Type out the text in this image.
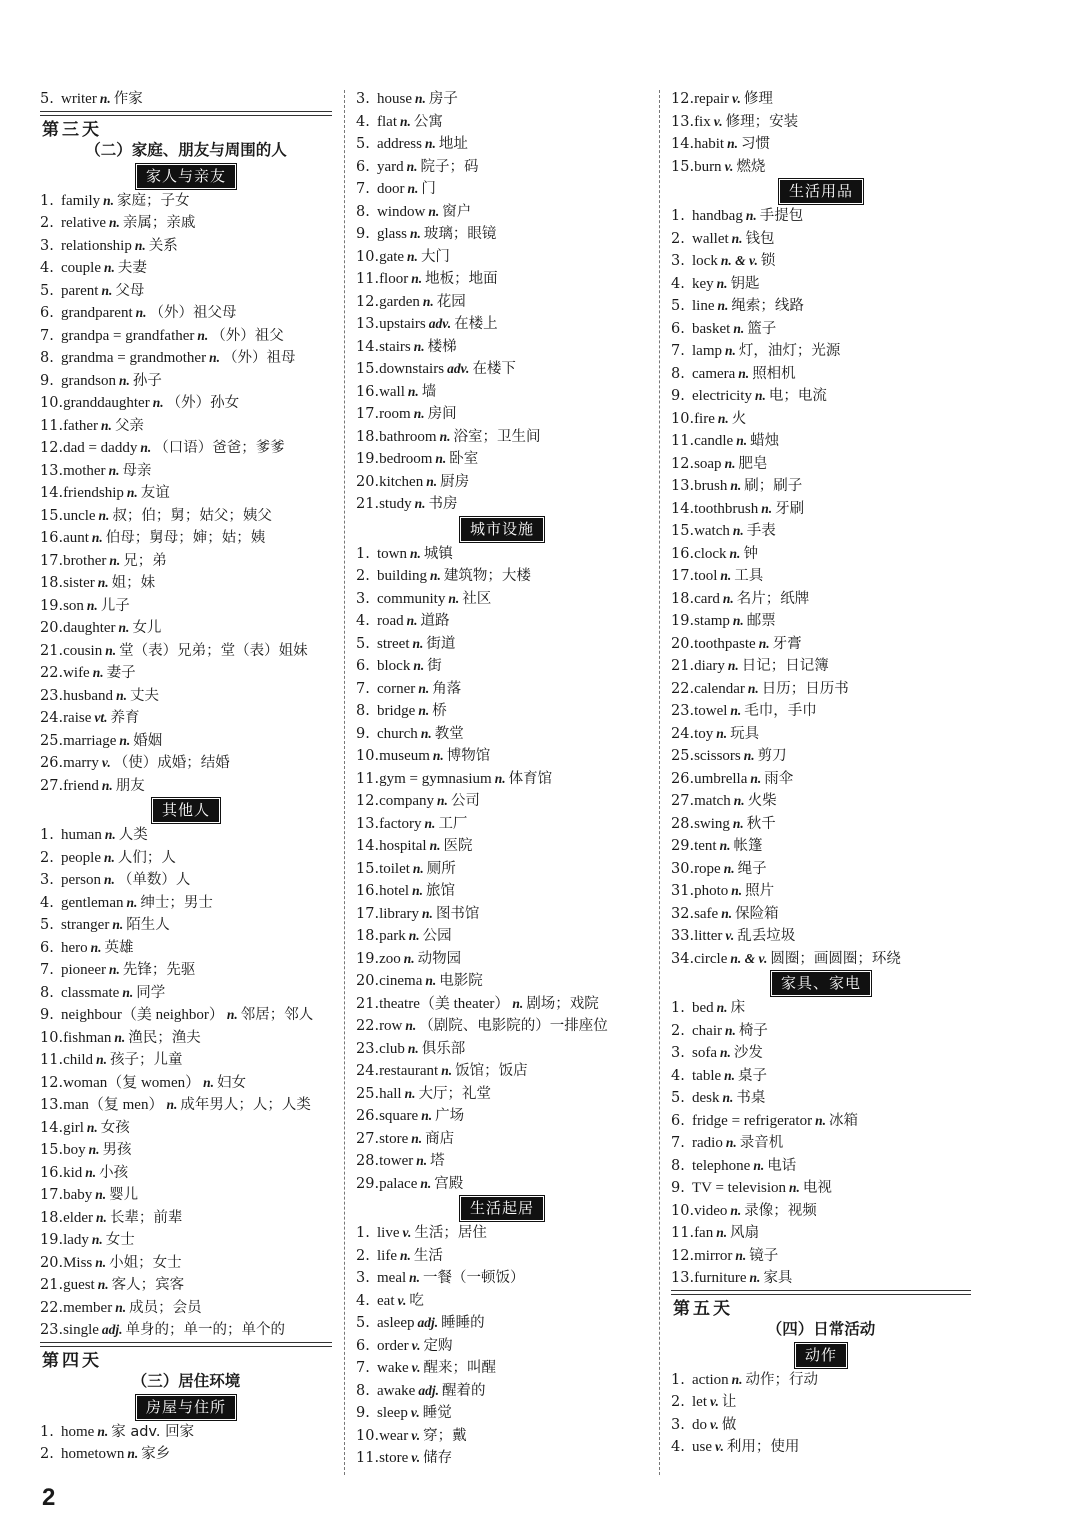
5. writer n. 作家
第三天
（二）家庭、朋友与周围的人
家人与亲友
1. family n. 家庭；子女
2. relative n. 亲属；亲戚
3. relationship n. 关系
4. couple n. 夫妻
5. parent n. 父母
6. grandparent n. （外）祖父母
7. grandpa = grandfather n. （外）祖父
8. grandma = grandmother n. （外）祖母
9. grandson n. 孙子
10.granddaughter n. （外）孙女
11.father n. 父亲
12.dad = daddy n. （口语）爸爸；爹爹
13.mother n. 母亲
14.friendship n. 友谊
15.uncle n. 叔；伯；舅；姑父；姨父
16.aunt n. 伯母；舅母；婶；姑；姨
17.brother n. 兄；弟
18.sister n. 姐；妹
19.son n. 儿子
20.daughter n. 女儿
21.cousin n. 堂（表）兄弟；堂（表）姐妹
22.wife n. 妻子
23.husband n. 丈夫
24.raise vt. 养育
25.marriage n. 婚姻
26.marry v. （使）成婚；结婚
27.friend n. 朋友
其他人
1. human n. 人类
2. people n. 人们；人
3. person n. （单数）人
4. gentleman n. 绅士；男士
5. stranger n. 陌生人
6. hero n. 英雄
7. pioneer n. 先锋；先驱
8. classmate n. 同学
9. neighbour（美 neighbor） n. 邻居；邻人
10.fishman n. 渔民；渔夫
11.child n. 孩子；儿童
12.woman（复 women） n. 妇女
13.man（复 men） n. 成年男人；人；人类
14.girl n. 女孩
15.boy n. 男孩
16.kid n. 小孩
17.baby n. 婴儿
18.elder n. 长辈；前辈
19.lady n. 女士
20.Miss n. 小姐；女士
21.guest n. 客人；宾客
22.member n. 成员；会员
23.single adj. 单身的；单一的；单个的
第四天
（三）居住环境
房屋与住所
1. home n. 家 adv. 回家
2. hometown n. 家乡
3. house n. 房子
4. flat n. 公寓
5. address n. 地址
6. yard n. 院子；码
7. door n. 门
8. window n. 窗户
9. glass n. 玻璃；眼镜
10.gate n. 大门
11.floor n. 地板；地面
12.garden n. 花园
13.upstairs adv. 在楼上
14.stairs n. 楼梯
15.downstairs adv. 在楼下
16.wall n. 墙
17.room n. 房间
18.bathroom n. 浴室；卫生间
19.bedroom n. 卧室
20.kitchen n. 厨房
21.study n. 书房
城市设施
1. town n. 城镇
2. building n. 建筑物；大楼
3. community n. 社区
4. road n. 道路
5. street n. 街道
6. block n. 街
7. corner n. 角落
8. bridge n. 桥
9. church n. 教堂
10.museum n. 博物馆
11.gym = gymnasium n. 体育馆
12.company n. 公司
13.factory n. 工厂
14.hospital n. 医院
15.toilet n. 厕所
16.hotel n. 旅馆
17.library n. 图书馆
18.park n. 公园
19.zoo n. 动物园
20.cinema n. 电影院
21.theatre（美 theater） n. 剧场；戏院
22.row n. （剧院、电影院的）一排座位
23.club n. 俱乐部
24.restaurant n. 饭馆；饭店
25.hall n. 大厅；礼堂
26.square n. 广场
27.store n. 商店
28.tower n. 塔
29.palace n. 宫殿
生活起居
1. live v. 生活；居住
2. life n. 生活
3. meal n. 一餐（一顿饭）
4. eat v. 吃
5. asleep adj. 睡睡的
6. order v. 定购
7. wake v. 醒来；叫醒
8. awake adj. 醒着的
9. sleep v. 睡觉
10.wear v. 穿；戴
11.store v. 储存
12.repair v. 修理
13.fix v. 修理；安装
14.habit n. 习惯
15.burn v. 燃烧
生活用品
1. handbag n. 手提包
2. wallet n. 钱包
3. lock n. & v. 锁
4. key n. 钥匙
5. line n. 绳索；线路
6. basket n. 篮子
7. lamp n. 灯，油灯；光源
8. camera n. 照相机
9. electricity n. 电；电流
10.fire n. 火
11.candle n. 蜡烛
12.soap n. 肥皂
13.brush n. 刷；刷子
14.toothbrush n. 牙刷
15.watch n. 手表
16.clock n. 钟
17.tool n. 工具
18.card n. 名片；纸牌
19.stamp n. 邮票
20.toothpaste n. 牙膏
21.diary n. 日记；日记簿
22.calendar n. 日历；日历书
23.towel n. 毛巾，手巾
24.toy n. 玩具
25.scissors n. 剪刀
26.umbrella n. 雨伞
27.match n. 火柴
28.swing n. 秋千
29.tent n. 帐篷
30.rope n. 绳子
31.photo n. 照片
32.safe n. 保险箱
33.litter v. 乱丢垃圾
34.circle n. & v. 圆圈；画圆圈；环绕
家具、家电
1. bed n. 床
2. chair n. 椅子
3. sofa n. 沙发
4. table n. 桌子
5. desk n. 书桌
6. fridge = refrigerator n. 冰箱
7. radio n. 录音机
8. telephone n. 电话
9. TV = television n. 电视
10.video n. 录像；视频
11.fan n. 风扇
12.mirror n. 镜子
13.furniture n. 家具
第五天
（四）日常活动
动作
1. action n. 动作；行动
2. let v. 让
3. do v. 做
4. use v. 利用；使用
2
